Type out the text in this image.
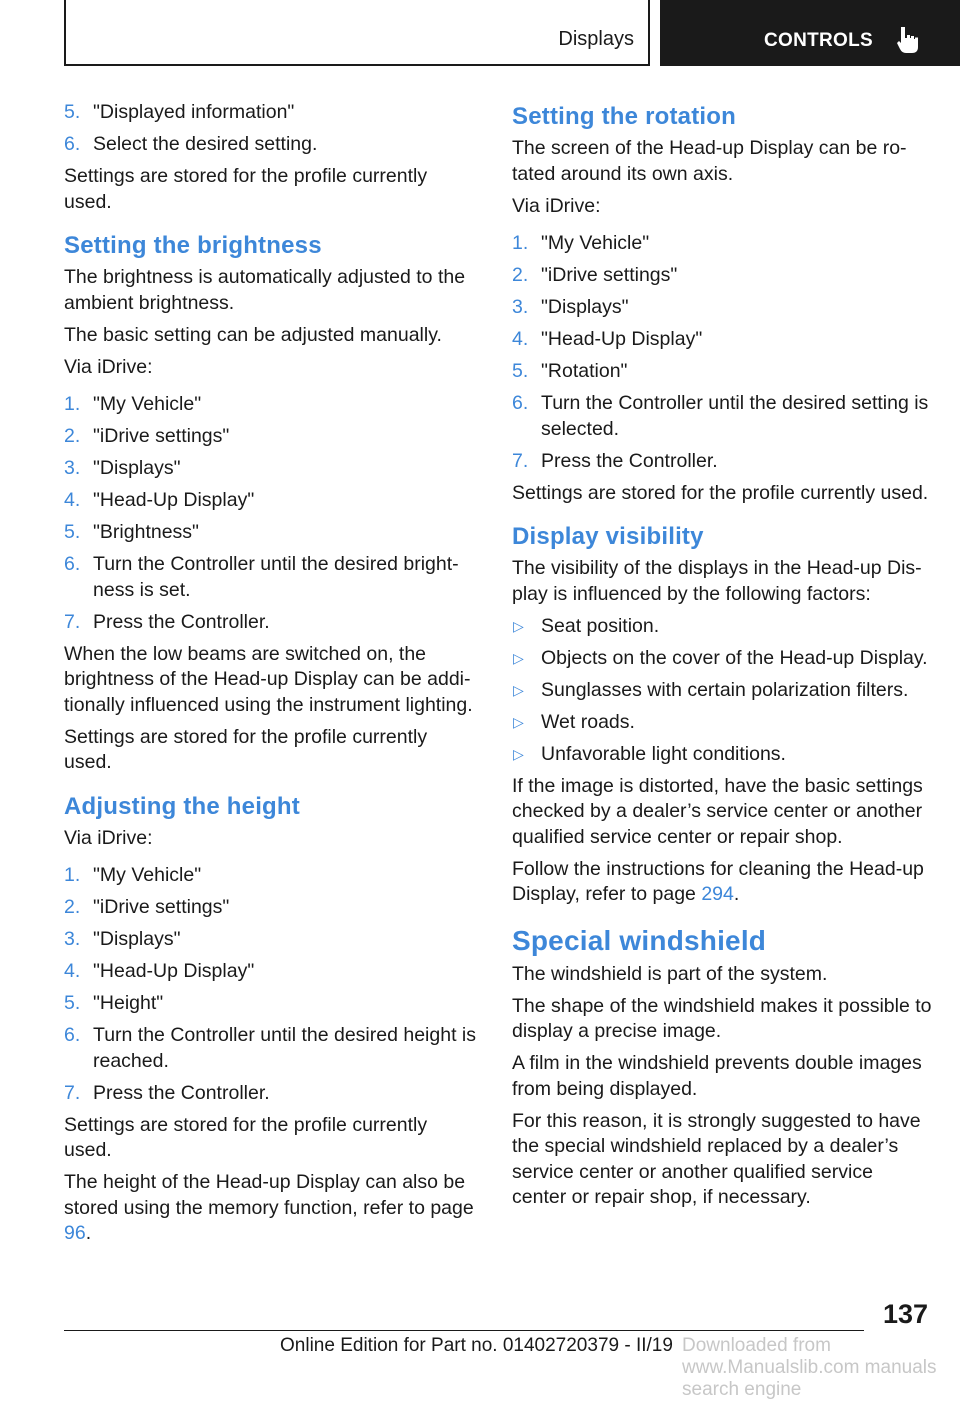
Displays	CONTROLS
5. "Displayed information"
6. Select the desired setting.

Settings are stored for the profile currently used.

Setting the brightness

The brightness is automatically adjusted to the ambient brightness.

The basic setting can be adjusted manually.

Via iDrive:

1. "My Vehicle"
2. "iDrive settings"
3. "Displays"
4. "Head-Up Display"
5. "Brightness"
6. Turn the Controller until the desired bright‐ ness is set.
7. Press the Controller.

When the low beams are switched on, the brightness of the Head-up Display can be addi‐ tionally influenced using the instrument lighting.

Settings are stored for the profile currently used.

Adjusting the height

Via iDrive:

1. "My Vehicle"
2. "iDrive settings"
3. "Displays"
4. "Head-Up Display"
5. "Height"
6. Turn the Controller until the desired height is reached.
7. Press the Controller.

Settings are stored for the profile currently used.

The height of the Head-up Display can also be stored using the memory function, refer to page 96.

Setting the rotation

The screen of the Head-up Display can be ro‐ tated around its own axis.

Via iDrive:

1. "My Vehicle"
2. "iDrive settings"
3. "Displays"
4. "Head-Up Display"
5. "Rotation"
6. Turn the Controller until the desired setting is selected.
7. Press the Controller.

Settings are stored for the profile currently used.

Display visibility

The visibility of the displays in the Head-up Dis‐ play is influenced by the following factors:

▷ Seat position.
▷ Objects on the cover of the Head-up Display.
▷ Sunglasses with certain polarization filters.
▷ Wet roads.
▷ Unfavorable light conditions.

If the image is distorted, have the basic settings checked by a dealer’s service center or another qualified service center or repair shop.

Follow the instructions for cleaning the Head-up Display, refer to page 294.

Special windshield

The windshield is part of the system.

The shape of the windshield makes it possible to display a precise image.

A film in the windshield prevents double images from being displayed.

For this reason, it is strongly suggested to have the special windshield replaced by a dealer’s service center or another qualified service center or repair shop, if necessary.

137
Online Edition for Part no. 01402720379 - II/19 Downloaded from www.Manualslib.com manuals search engine
